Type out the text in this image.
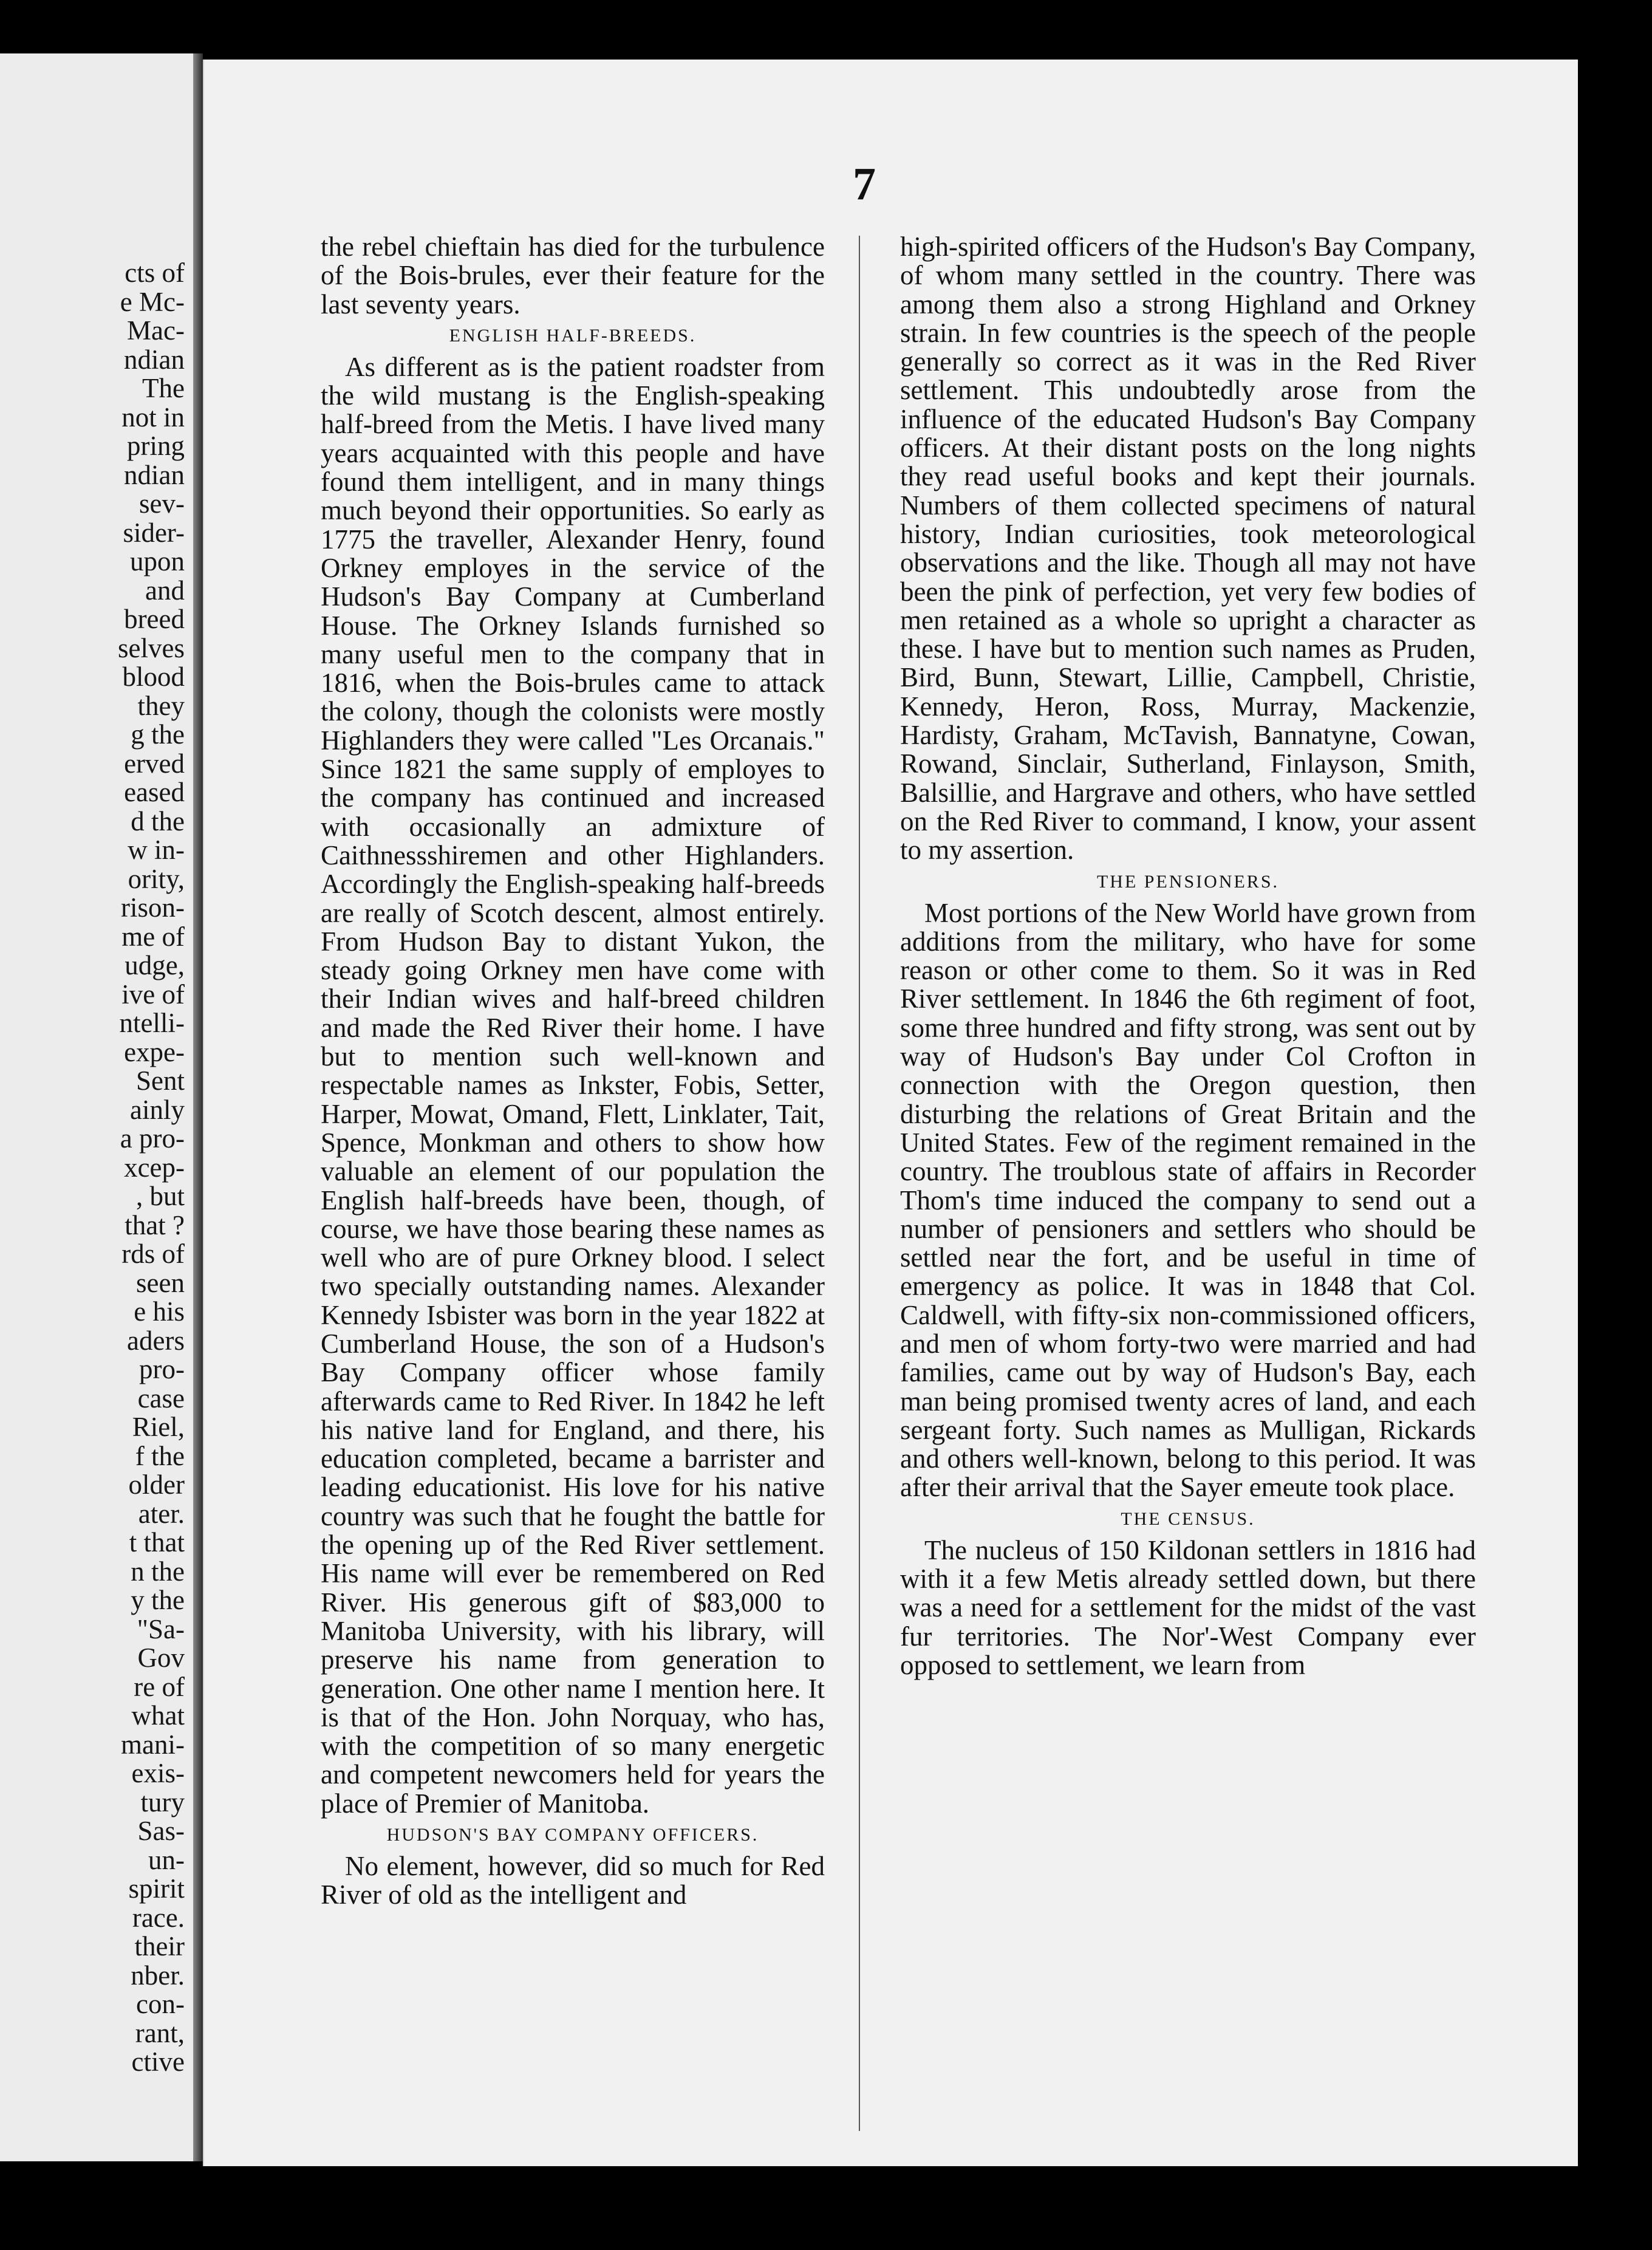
cts of
e Mc-
Mac-
ndian
The
not in
pring
ndian
sev-
sider-
upon
and
breed
selves
blood
they
g the
erved
eased
d the
w in-
ority,
rison-
me of
udge,
ive of
ntelli-
expe-
Sent
ainly
a pro-
xcep-
, but
that ?
rds of
seen
e his
aders
pro-
case
Riel,
f the
older
ater.
t that
n the
y the
"Sa-
Gov
re of
what
mani-
exis-
tury
Sas-
un-
spirit
race.
their
nber.
con-
rant,
ctive
7

the rebel chieftain has died for the turbulence of the Bois-brules, ever their feature for the last seventy years.

ENGLISH HALF-BREEDS.

As different as is the patient roadster from the wild mustang is the English-speaking half-breed from the Metis. I have lived many years acquainted with this people and have found them intelligent, and in many things much beyond their opportunities. So early as 1775 the traveller, Alexander Henry, found Orkney employes in the service of the Hudson's Bay Company at Cumberland House. The Orkney Islands furnished so many useful men to the company that in 1816, when the Bois-brules came to attack the colony, though the colonists were mostly Highlanders they were called "Les Orcanais." Since 1821 the same supply of employes to the company has continued and increased with occasionally an admixture of Caithnessshiremen and other Highlanders. Accordingly the English-speaking half-breeds are really of Scotch descent, almost entirely. From Hudson Bay to distant Yukon, the steady going Orkney men have come with their Indian wives and half-breed children and made the Red River their home. I have but to mention such well-known and respectable names as Inkster, Fobis, Setter, Harper, Mowat, Omand, Flett, Linklater, Tait, Spence, Monkman and others to show how valuable an element of our population the English half-breeds have been, though, of course, we have those bearing these names as well who are of pure Orkney blood. I select two specially outstanding names. Alexander Kennedy Isbister was born in the year 1822 at Cumberland House, the son of a Hudson's Bay Company officer whose family afterwards came to Red River. In 1842 he left his native land for England, and there, his education completed, became a barrister and leading educationist. His love for his native country was such that he fought the battle for the opening up of the Red River settlement. His name will ever be remembered on Red River. His generous gift of $83,000 to Manitoba University, with his library, will preserve his name from generation to generation. One other name I mention here. It is that of the Hon. John Norquay, who has, with the competition of so many energetic and competent newcomers held for years the place of Premier of Manitoba.

HUDSON'S BAY COMPANY OFFICERS.

No element, however, did so much for Red River of old as the intelligent and

high-spirited officers of the Hudson's Bay Company, of whom many settled in the country. There was among them also a strong Highland and Orkney strain. In few countries is the speech of the people generally so correct as it was in the Red River settlement. This undoubtedly arose from the influence of the educated Hudson's Bay Company officers. At their distant posts on the long nights they read useful books and kept their journals. Numbers of them collected specimens of natural history, Indian curiosities, took meteorological observations and the like. Though all may not have been the pink of perfection, yet very few bodies of men retained as a whole so upright a character as these. I have but to mention such names as Pruden, Bird, Bunn, Stewart, Lillie, Campbell, Christie, Kennedy, Heron, Ross, Murray, Mackenzie, Hardisty, Graham, McTavish, Bannatyne, Cowan, Rowand, Sinclair, Sutherland, Finlayson, Smith, Balsillie, and Hargrave and others, who have settled on the Red River to command, I know, your assent to my assertion.

THE PENSIONERS.

Most portions of the New World have grown from additions from the military, who have for some reason or other come to them. So it was in Red River settlement. In 1846 the 6th regiment of foot, some three hundred and fifty strong, was sent out by way of Hudson's Bay under Col Crofton in connection with the Oregon question, then disturbing the relations of Great Britain and the United States. Few of the regiment remained in the country. The troublous state of affairs in Recorder Thom's time induced the company to send out a number of pensioners and settlers who should be settled near the fort, and be useful in time of emergency as police. It was in 1848 that Col. Caldwell, with fifty-six non-commissioned officers, and men of whom forty-two were married and had families, came out by way of Hudson's Bay, each man being promised twenty acres of land, and each sergeant forty. Such names as Mulligan, Rickards and others well-known, belong to this period. It was after their arrival that the Sayer emeute took place.

THE CENSUS.

The nucleus of 150 Kildonan settlers in 1816 had with it a few Metis already settled down, but there was a need for a settlement for the midst of the vast fur territories. The Nor'-West Company ever opposed to settlement, we learn from
